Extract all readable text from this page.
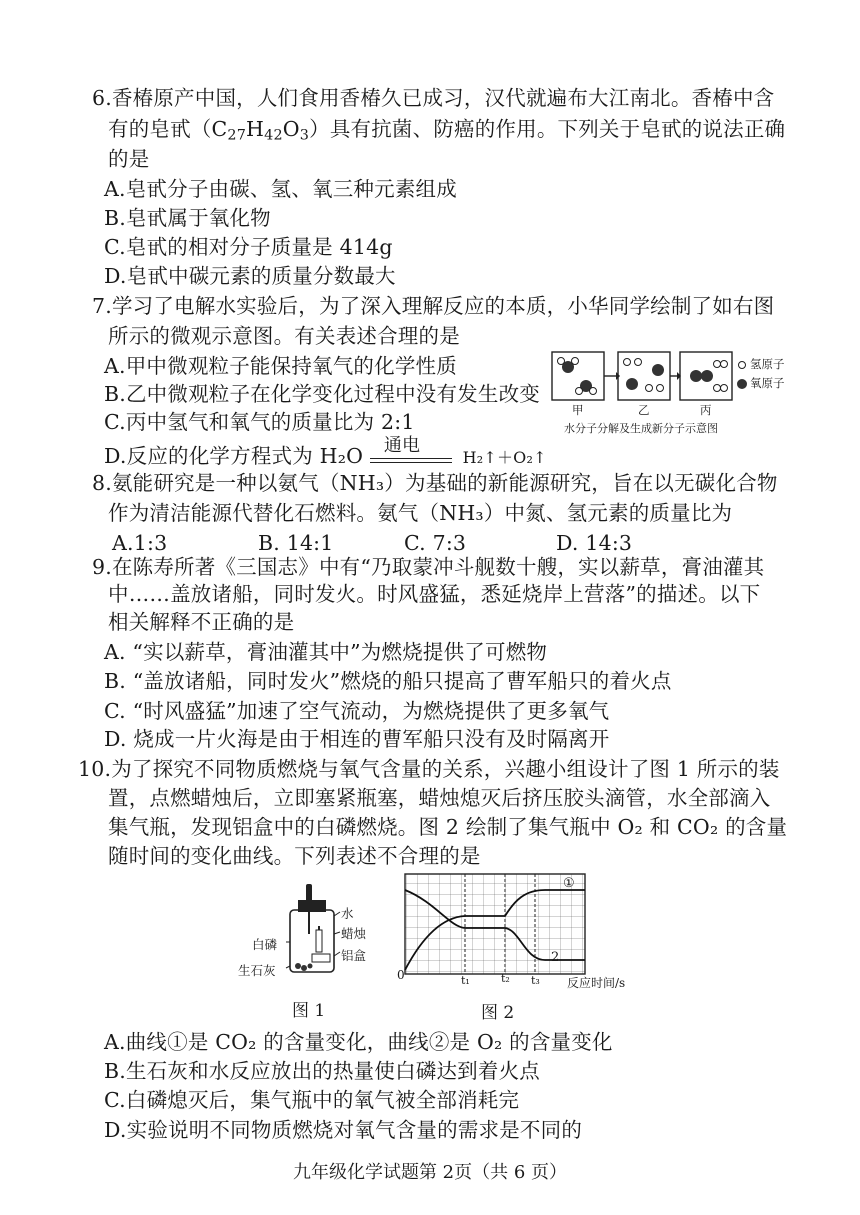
6.香椿原产中国，人们食用香椿久已成习，汉代就遍布大江南北。香椿中含
有的皂甙$(C_{27}H_{42}O_3)$具有抗菌、防癌的作用。下列关于皂甙的说法正确
的是
A.皂甙分子由碳、氢、氧三种元素组成
B.皂甙属于氧化物
C.皂甙的相对分子质量是 414g
D.皂甙中碳元素的质量分数最大
7.学习了电解水实验后，为了深入理解反应的本质，小华同学绘制了如右图
所示的微观示意图。有关表述合理的是
A.甲中微观粒子能保持氧气的化学性质
B.乙中微观粒子在化学变化过程中没有发生改变
C.丙中氢气和氧气的质量比为 2:1
D.反应的化学方程式为 H₂O 通电
H₂↑＋O₂↑
氢原子
氧原子
甲	乙	丙
水分子分解及生成新分子示意图
8.氨能研究是一种以氨气（NH₃）为基础的新能源研究，旨在以无碳化合物
作为清洁能源代替化石燃料。氨气（NH₃）中氮、氢元素的质量比为
A.1:3	B. 14:1	C. 7:3	D. 14:3
9.在陈寿所著《三国志》中有“乃取蒙冲斗舰数十艘，实以薪草，膏油灌其
中……盖放诸船，同时发火。时风盛猛，悉延烧岸上营落”的描述。以下
相关解释不正确的是
A. “实以薪草，膏油灌其中”为燃烧提供了可燃物
B. “盖放诸船，同时发火”燃烧的船只提高了曹军船只的着火点
C. “时风盛猛”加速了空气流动，为燃烧提供了更多氧气
D. 烧成一片火海是由于相连的曹军船只没有及时隔离开
10.为了探究不同物质燃烧与氧气含量的关系，兴趣小组设计了图 1 所示的装
置，点燃蜡烛后，立即塞紧瓶塞，蜡烛熄灭后挤压胶头滴管，水全部滴入
集气瓶，发现铝盒中的白磷燃烧。图 2 绘制了集气瓶中 O₂ 和 CO₂ 的含量
随时间的变化曲线。下列表述不合理的是
水
蜡烛
白磷
生石灰
铝盒
图 1
①
2
0	t₁	t₂ t₃ 反应时间/s
图 2
A.曲线①是 CO₂ 的含量变化，曲线②是 O₂ 的含量变化
B.生石灰和水反应放出的热量使白磷达到着火点
C.白磷熄灭后，集气瓶中的氧气被全部消耗完
D.实验说明不同物质燃烧对氧气含量的需求是不同的
九年级化学试题第 2页（共 6 页）
